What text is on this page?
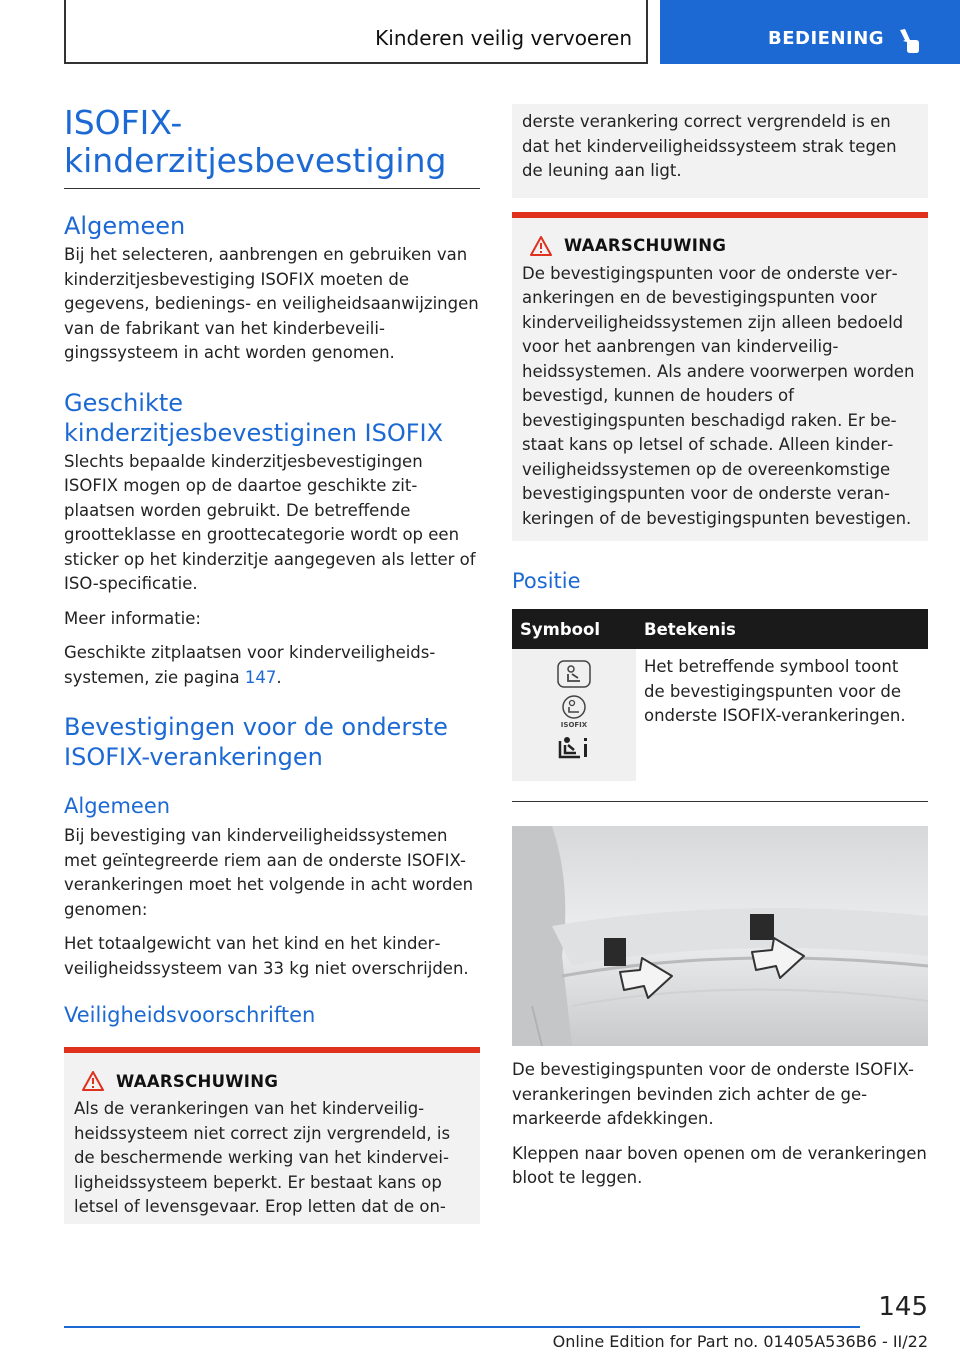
Kinderen veilig vervoeren	BEDIENING
ISOFIX-
kinderzitjesbevestiging
Algemeen

Bij het selecteren, aanbrengen en gebruiken van kinderzitjesbevestiging ISOFIX moeten de gegevens, bedienings- en veiligheidsaanwijzingen van de fabrikant van het kinderbeveiligingssysteem in acht worden genomen.

Geschikte kinderzitjesbevestiginen ISOFIX

Slechts bepaalde kinderzitjesbevestigingen ISOFIX mogen op de daartoe geschikte zitplaatsen worden gebruikt. De betreffende grootteklasse en groottecategorie wordt op een sticker op het kinderzitje aangegeven als letter of ISO-specificatie.

Meer informatie:

Geschikte zitplaatsen voor kinderveiligheidssystemen, zie pagina 147.

Bevestigingen voor de onderste ISOFIX-verankeringen
Algemeen

Bij bevestiging van kinderveiligheidssystemen met geïntegreerde riem aan de onderste ISOFIX-verankeringen moet het volgende in acht worden genomen:

Het totaalgewicht van het kind en het kinderveiligheidssysteem van 33 kg niet overschrijden.

Veiligheidsvoorschriften
WAARSCHUWING

Als de verankeringen van het kinderveiligheidssysteem niet correct zijn vergrendeld, is de beschermende werking van het kinderveiligheidssysteem beperkt. Er bestaat kans op letsel of levensgevaar. Erop letten dat de on-

derste verankering correct vergrendeld is en dat het kinderveiligheidssysteem strak tegen de leuning aan ligt.

WAARSCHUWING

De bevestigingspunten voor de onderste verankeringen en de bevestigingspunten voor kinderveiligheidssystemen zijn alleen bedoeld voor het aanbrengen van kinderveiligheidssystemen. Als andere voorwerpen worden bevestigd, kunnen de houders of bevestigingspunten beschadigd raken. Er bestaat kans op letsel of schade. Alleen kinderveiligheidssystemen op de overeenkomstige bevestigingspunten voor de onderste verankeringen of de bevestigingspunten bevestigen.

Positie
Symbool	Betekenis

ISOFIX	Het betreffende symbool toont de bevestigingspunten voor de onderste ISOFIX-verankeringen.

De bevestigingspunten voor de onderste ISOFIX-verankeringen bevinden zich achter de gemarkeerde afdekkingen.

Kleppen naar boven openen om de verankeringen bloot te leggen.

145
Online Edition for Part no. 01405A536B6 - II/22
